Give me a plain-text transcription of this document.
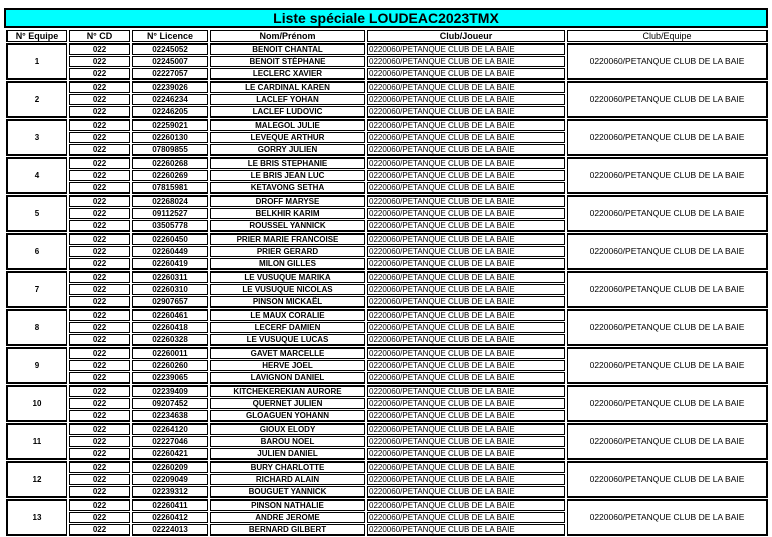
Liste spéciale LOUDEAC2023TMX
N° Equipe	N° CD	N° Licence	Nom/Prénom	Club/Joueur	Club/Equipe
1	022	02245052	BENOIT CHANTAL	0220060/PETANQUE CLUB DE LA BAIE	0220060/PETANQUE CLUB DE LA BAIE
	022	02245007	BENOIT STÉPHANE	0220060/PETANQUE CLUB DE LA BAIE	
	022	02227057	LECLERC XAVIER	0220060/PETANQUE CLUB DE LA BAIE	
2	022	02239026	LE CARDINAL KAREN	0220060/PETANQUE CLUB DE LA BAIE	0220060/PETANQUE CLUB DE LA BAIE
	022	02246234	LACLEF YOHAN	0220060/PETANQUE CLUB DE LA BAIE	
	022	02246205	LACLEF LUDOVIC	0220060/PETANQUE CLUB DE LA BAIE	
3	022	02259021	MALEGOL JULIE	0220060/PETANQUE CLUB DE LA BAIE	0220060/PETANQUE CLUB DE LA BAIE
	022	02260130	LEVEQUE ARTHUR	0220060/PETANQUE CLUB DE LA BAIE	
	022	07809855	GORRY JULIEN	0220060/PETANQUE CLUB DE LA BAIE	
4	022	02260268	LE BRIS STEPHANIE	0220060/PETANQUE CLUB DE LA BAIE	0220060/PETANQUE CLUB DE LA BAIE
	022	02260269	LE BRIS JEAN LUC	0220060/PETANQUE CLUB DE LA BAIE	
	022	07815981	KETAVONG SETHA	0220060/PETANQUE CLUB DE LA BAIE	
5	022	02268024	DROFF MARYSE	0220060/PETANQUE CLUB DE LA BAIE	0220060/PETANQUE CLUB DE LA BAIE
	022	09112527	BELKHIR KARIM	0220060/PETANQUE CLUB DE LA BAIE	
	022	03505778	ROUSSEL YANNICK	0220060/PETANQUE CLUB DE LA BAIE	
6	022	02260450	PRIER MARIE FRANCOISE	0220060/PETANQUE CLUB DE LA BAIE	0220060/PETANQUE CLUB DE LA BAIE
	022	02260449	PRIER GERARD	0220060/PETANQUE CLUB DE LA BAIE	
	022	02260419	MILON GILLES	0220060/PETANQUE CLUB DE LA BAIE	
7	022	02260311	LE VUSUQUE MARIKA	0220060/PETANQUE CLUB DE LA BAIE	0220060/PETANQUE CLUB DE LA BAIE
	022	02260310	LE VUSUQUE NICOLAS	0220060/PETANQUE CLUB DE LA BAIE	
	022	02907657	PINSON MICKAËL	0220060/PETANQUE CLUB DE LA BAIE	
8	022	02260461	LE MAUX CORALIE	0220060/PETANQUE CLUB DE LA BAIE	0220060/PETANQUE CLUB DE LA BAIE
	022	02260418	LECERF DAMIEN	0220060/PETANQUE CLUB DE LA BAIE	
	022	02260328	LE VUSUQUE LUCAS	0220060/PETANQUE CLUB DE LA BAIE	
9	022	02260011	GAVET MARCELLE	0220060/PETANQUE CLUB DE LA BAIE	0220060/PETANQUE CLUB DE LA BAIE
	022	02260260	HERVE JOEL	0220060/PETANQUE CLUB DE LA BAIE	
	022	02239065	LAVIGNON DANIEL	0220060/PETANQUE CLUB DE LA BAIE	
10	022	02239409	KITCHEKEREKIAN AURORE	0220060/PETANQUE CLUB DE LA BAIE	0220060/PETANQUE CLUB DE LA BAIE
	022	09207452	QUERNET JULIEN	0220060/PETANQUE CLUB DE LA BAIE	
	022	02234638	GLOAGUEN YOHANN	0220060/PETANQUE CLUB DE LA BAIE	
11	022	02264120	GIOUX ELODY	0220060/PETANQUE CLUB DE LA BAIE	0220060/PETANQUE CLUB DE LA BAIE
	022	02227046	BAROU NOEL	0220060/PETANQUE CLUB DE LA BAIE	
	022	02260421	JULIEN DANIEL	0220060/PETANQUE CLUB DE LA BAIE	
12	022	02260209	BURY CHARLOTTE	0220060/PETANQUE CLUB DE LA BAIE	0220060/PETANQUE CLUB DE LA BAIE
	022	02209049	RICHARD ALAIN	0220060/PETANQUE CLUB DE LA BAIE	
	022	02239312	BOUGUET YANNICK	0220060/PETANQUE CLUB DE LA BAIE	
13	022	02260411	PINSON NATHALIE	0220060/PETANQUE CLUB DE LA BAIE	0220060/PETANQUE CLUB DE LA BAIE
	022	02260412	ANDRE JEROME	0220060/PETANQUE CLUB DE LA BAIE	
	022	02224013	BERNARD GILBERT	0220060/PETANQUE CLUB DE LA BAIE	
